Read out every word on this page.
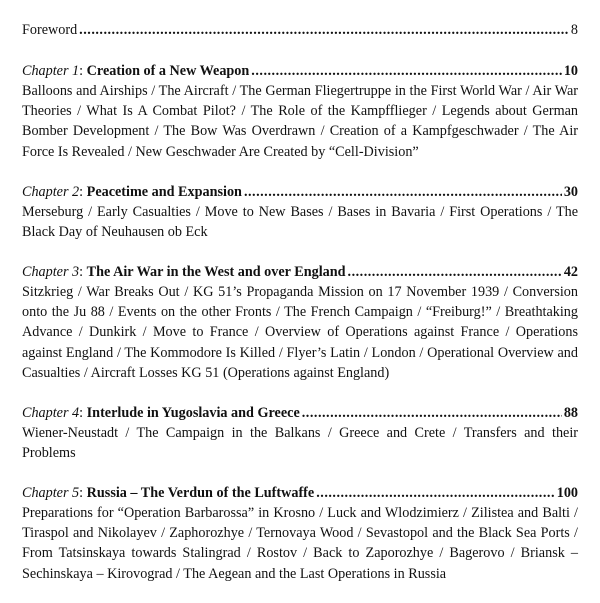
Foreword .....	8
Chapter 1: Creation of a New Weapon .....	10
Balloons and Airships / The Aircraft / The German Fliegertruppe in the First World War / Air War Theories / What Is A Combat Pilot? / The Role of the Kampfflieger / Legends about German Bomber Development / The Bow Was Overdrawn / Creation of a Kampfgeschwader / The Air Force Is Revealed / New Geschwader Are Created by “Cell-Division”
Chapter 2: Peacetime and Expansion .....	30
Merseburg / Early Casualties / Move to New Bases / Bases in Bavaria / First Operations / The Black Day of Neuhausen ob Eck
Chapter 3: The Air War in the West and over England .....	42
Sitzkrieg / War Breaks Out / KG 51’s Propaganda Mission on 17 November 1939 / Conversion onto the Ju 88 / Events on the other Fronts / The French Campaign / “Freiburg!” / Breathtaking Advance / Dunkirk / Move to France / Overview of Operations against France / Operations against England / The Kommodore Is Killed / Flyer’s Latin / London / Operational Overview and Casualties / Aircraft Losses KG 51 (Operations against England)
Chapter 4: Interlude in Yugoslavia and Greece .....	88
Wiener-Neustadt / The Campaign in the Balkans / Greece and Crete / Transfers and their Problems
Chapter 5: Russia – The Verdun of the Luftwaffe .....	100
Preparations for “Operation Barbarossa” in Krosno / Luck and Wlodzimierz / Zilistea and Balti / Tiraspol and Nikolayev / Zaphorozhye / Ternovaya Wood / Sevastopol and the Black Sea Ports / From Tatsinskaya towards Stalingrad / Rostov / Back to Zaporozhye / Bagerovo / Briansk – Sechinskaya – Kirovograd / The Aegean and the Last Operations in Russia
